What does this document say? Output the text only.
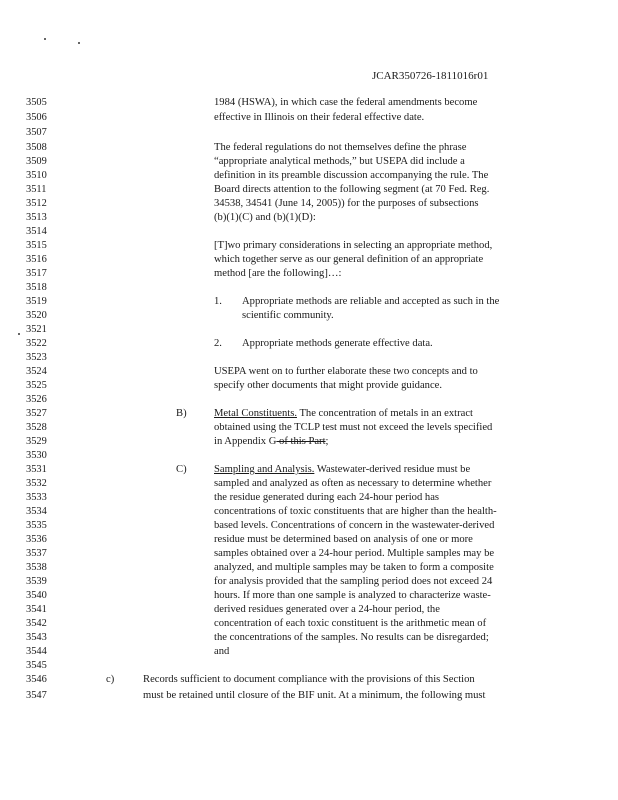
JCAR350726-1811016r01
3505
3506
3507
3508
3509
3510
3511
3512
3513
3514
3515
3516
3517
3518
3519
3520
3521
3522
3523
3524
3525
3526
3527
3528
3529
3530
3531
3532
3533
3534
3535
3536
3537
3538
3539
3540
3541
3542
3543
3544
3545
3546
3547
1984 (HSWA), in which case the federal amendments become
effective in Illinois on their federal effective date.
The federal regulations do not themselves define the phrase
“appropriate analytical methods,” but USEPA did include a
definition in its preamble discussion accompanying the rule. The
Board directs attention to the following segment (at 70 Fed. Reg.
34538, 34541 (June 14, 2005)) for the purposes of subsections
(b)(1)(C) and (b)(1)(D):
[T]wo primary considerations in selecting an appropriate method,
which together serve as our general definition of an appropriate
method [are the following]…:
1. Appropriate methods are reliable and accepted as such in the
scientific community.
2. Appropriate methods generate effective data.
USEPA went on to further elaborate these two concepts and to
specify other documents that might provide guidance.
B)	Metal Constituents. The concentration of metals in an extract
obtained using the TCLP test must not exceed the levels specified
in Appendix G of this Part;
C)	Sampling and Analysis. Wastewater-derived residue must be
sampled and analyzed as often as necessary to determine whether
the residue generated during each 24-hour period has
concentrations of toxic constituents that are higher than the health-
based levels. Concentrations of concern in the wastewater-derived
residue must be determined based on analysis of one or more
samples obtained over a 24-hour period. Multiple samples may be
analyzed, and multiple samples may be taken to form a composite
for analysis provided that the sampling period does not exceed 24
hours. If more than one sample is analyzed to characterize waste-
derived residues generated over a 24-hour period, the
concentration of each toxic constituent is the arithmetic mean of
the concentrations of the samples. No results can be disregarded;
and
c)	Records sufficient to document compliance with the provisions of this Section
must be retained until closure of the BIF unit. At a minimum, the following must
